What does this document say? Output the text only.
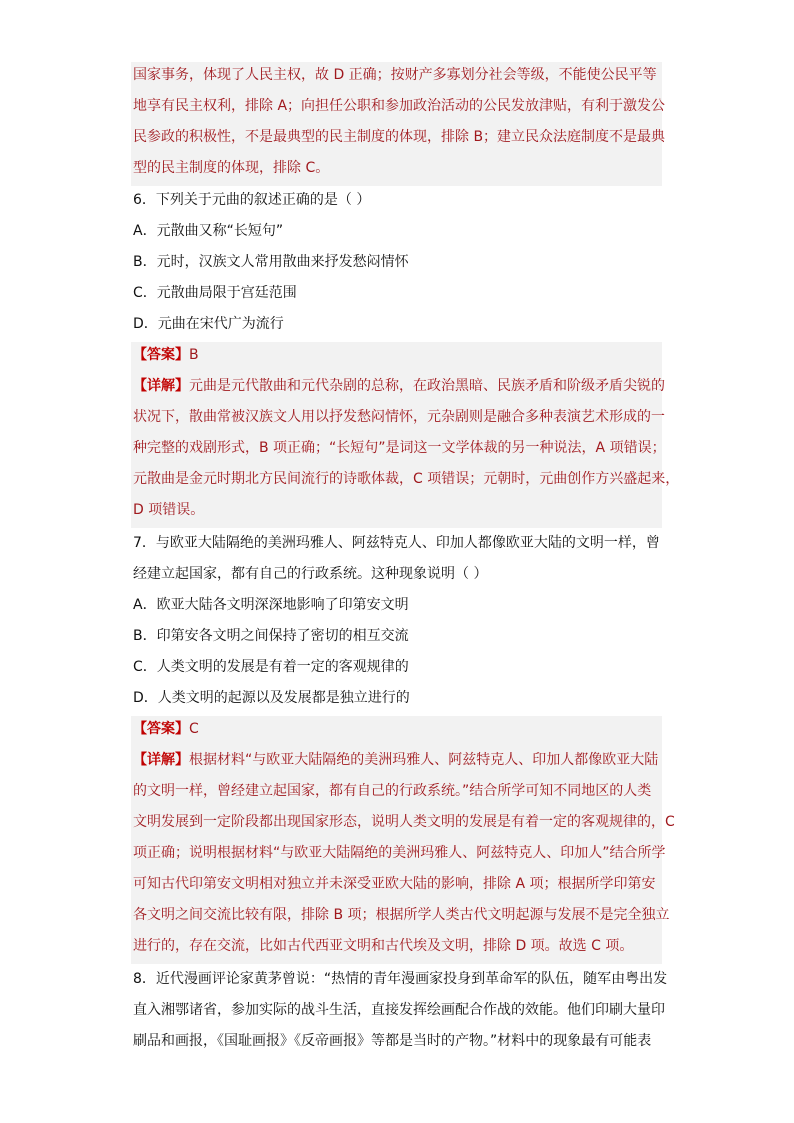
国家事务，体现了人民主权，故 D 正确；按财产多寡划分社会等级，不能使公民平等
地享有民主权利，排除 A；向担任公职和参加政治活动的公民发放津贴，有利于激发公
民参政的积极性，不是最典型的民主制度的体现，排除 B；建立民众法庭制度不是最典
型的民主制度的体现，排除 C。
6．下列关于元曲的叙述正确的是（ ）
A．元散曲又称“长短句”
B．元时，汉族文人常用散曲来抒发愁闷情怀
C．元散曲局限于宫廷范围
D．元曲在宋代广为流行
【答案】B
【详解】元曲是元代散曲和元代杂剧的总称，在政治黑暗、民族矛盾和阶级矛盾尖锐的
状况下，散曲常被汉族文人用以抒发愁闷情怀，元杂剧则是融合多种表演艺术形成的一
种完整的戏剧形式，B 项正确；“长短句”是词这一文学体裁的另一种说法，A 项错误；
元散曲是金元时期北方民间流行的诗歌体裁，C 项错误；元朝时，元曲创作方兴盛起来，
D 项错误。
7．与欧亚大陆隔绝的美洲玛雅人、阿兹特克人、印加人都像欧亚大陆的文明一样，曾
经建立起国家，都有自己的行政系统。这种现象说明（ ）
A．欧亚大陆各文明深深地影响了印第安文明
B．印第安各文明之间保持了密切的相互交流
C．人类文明的发展是有着一定的客观规律的
D．人类文明的起源以及发展都是独立进行的
【答案】C
【详解】根据材料“与欧亚大陆隔绝的美洲玛雅人、阿兹特克人、印加人都像欧亚大陆
的文明一样，曾经建立起国家，都有自己的行政系统。”结合所学可知不同地区的人类
文明发展到一定阶段都出现国家形态，说明人类文明的发展是有着一定的客观规律的，C
项正确；说明根据材料“与欧亚大陆隔绝的美洲玛雅人、阿兹特克人、印加人”结合所学
可知古代印第安文明相对独立并未深受亚欧大陆的影响，排除 A 项；根据所学印第安
各文明之间交流比较有限，排除 B 项；根据所学人类古代文明起源与发展不是完全独立
进行的，存在交流，比如古代西亚文明和古代埃及文明，排除 D 项。故选 C 项。
8．近代漫画评论家黄茅曾说：“热情的青年漫画家投身到革命军的队伍，随军由粤出发
直入湘鄂诸省，参加实际的战斗生活，直接发挥绘画配合作战的效能。他们印刷大量印
刷品和画报，《国耻画报》《反帝画报》等都是当时的产物。”材料中的现象最有可能表
